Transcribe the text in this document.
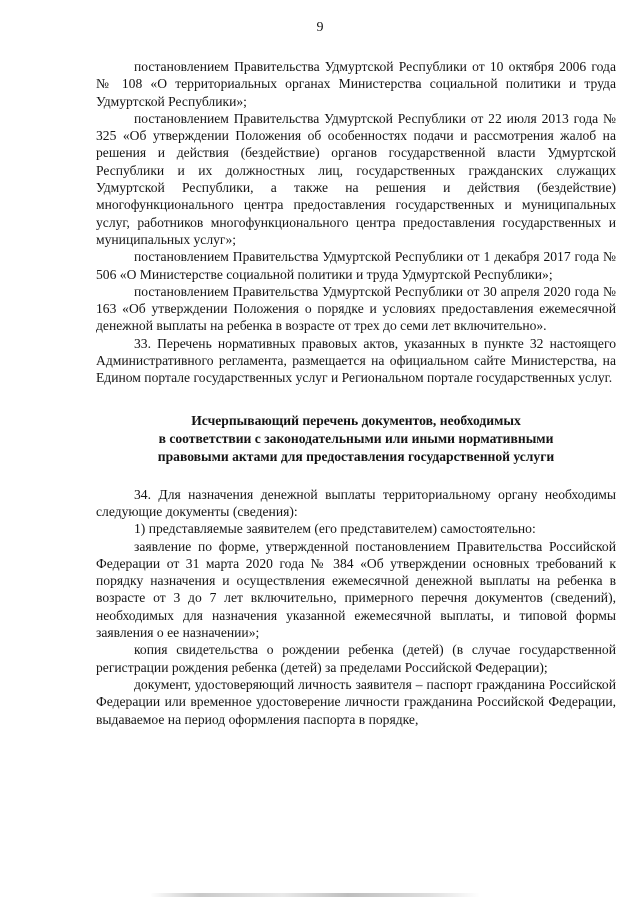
9

постановлением Правительства Удмуртской Республики от 10 октября 2006 года № 108 «О территориальных органах Министерства социальной политики и труда Удмуртской Республики»;

постановлением Правительства Удмуртской Республики от 22 июля 2013 года № 325 «Об утверждении Положения об особенностях подачи и рассмотрения жалоб на решения и действия (бездействие) органов государственной власти Удмуртской Республики и их должностных лиц, государственных гражданских служащих Удмуртской Республики, а также на решения и действия (бездействие) многофункционального центра предоставления государственных и муниципальных услуг, работников многофункционального центра предоставления государственных и муниципальных услуг»;

постановлением Правительства Удмуртской Республики от 1 декабря 2017 года № 506 «О Министерстве социальной политики и труда Удмуртской Республики»;

постановлением Правительства Удмуртской Республики от 30 апреля 2020 года № 163 «Об утверждении Положения о порядке и условиях предоставления ежемесячной денежной выплаты на ребенка в возрасте от трех до семи лет включительно».

33. Перечень нормативных правовых актов, указанных в пункте 32 настоящего Административного регламента, размещается на официальном сайте Министерства, на Едином портале государственных услуг и Региональном портале государственных услуг.

Исчерпывающий перечень документов, необходимых
в соответствии с законодательными или иными нормативными
правовыми актами для предоставления государственной услуги

34. Для назначения денежной выплаты территориальному органу необходимы следующие документы (сведения):

1) представляемые заявителем (его представителем) самостоятельно:

заявление по форме, утвержденной постановлением Правительства Российской Федерации от 31 марта 2020 года № 384 «Об утверждении основных требований к порядку назначения и осуществления ежемесячной денежной выплаты на ребенка в возрасте от 3 до 7 лет включительно, примерного перечня документов (сведений), необходимых для назначения указанной ежемесячной выплаты, и типовой формы заявления о ее назначении»;

копия свидетельства о рождении ребенка (детей) (в случае государственной регистрации рождения ребенка (детей) за пределами Российской Федерации);

документ, удостоверяющий личность заявителя – паспорт гражданина Российской Федерации или временное удостоверение личности гражданина Российской Федерации, выдаваемое на период оформления паспорта в порядке,
